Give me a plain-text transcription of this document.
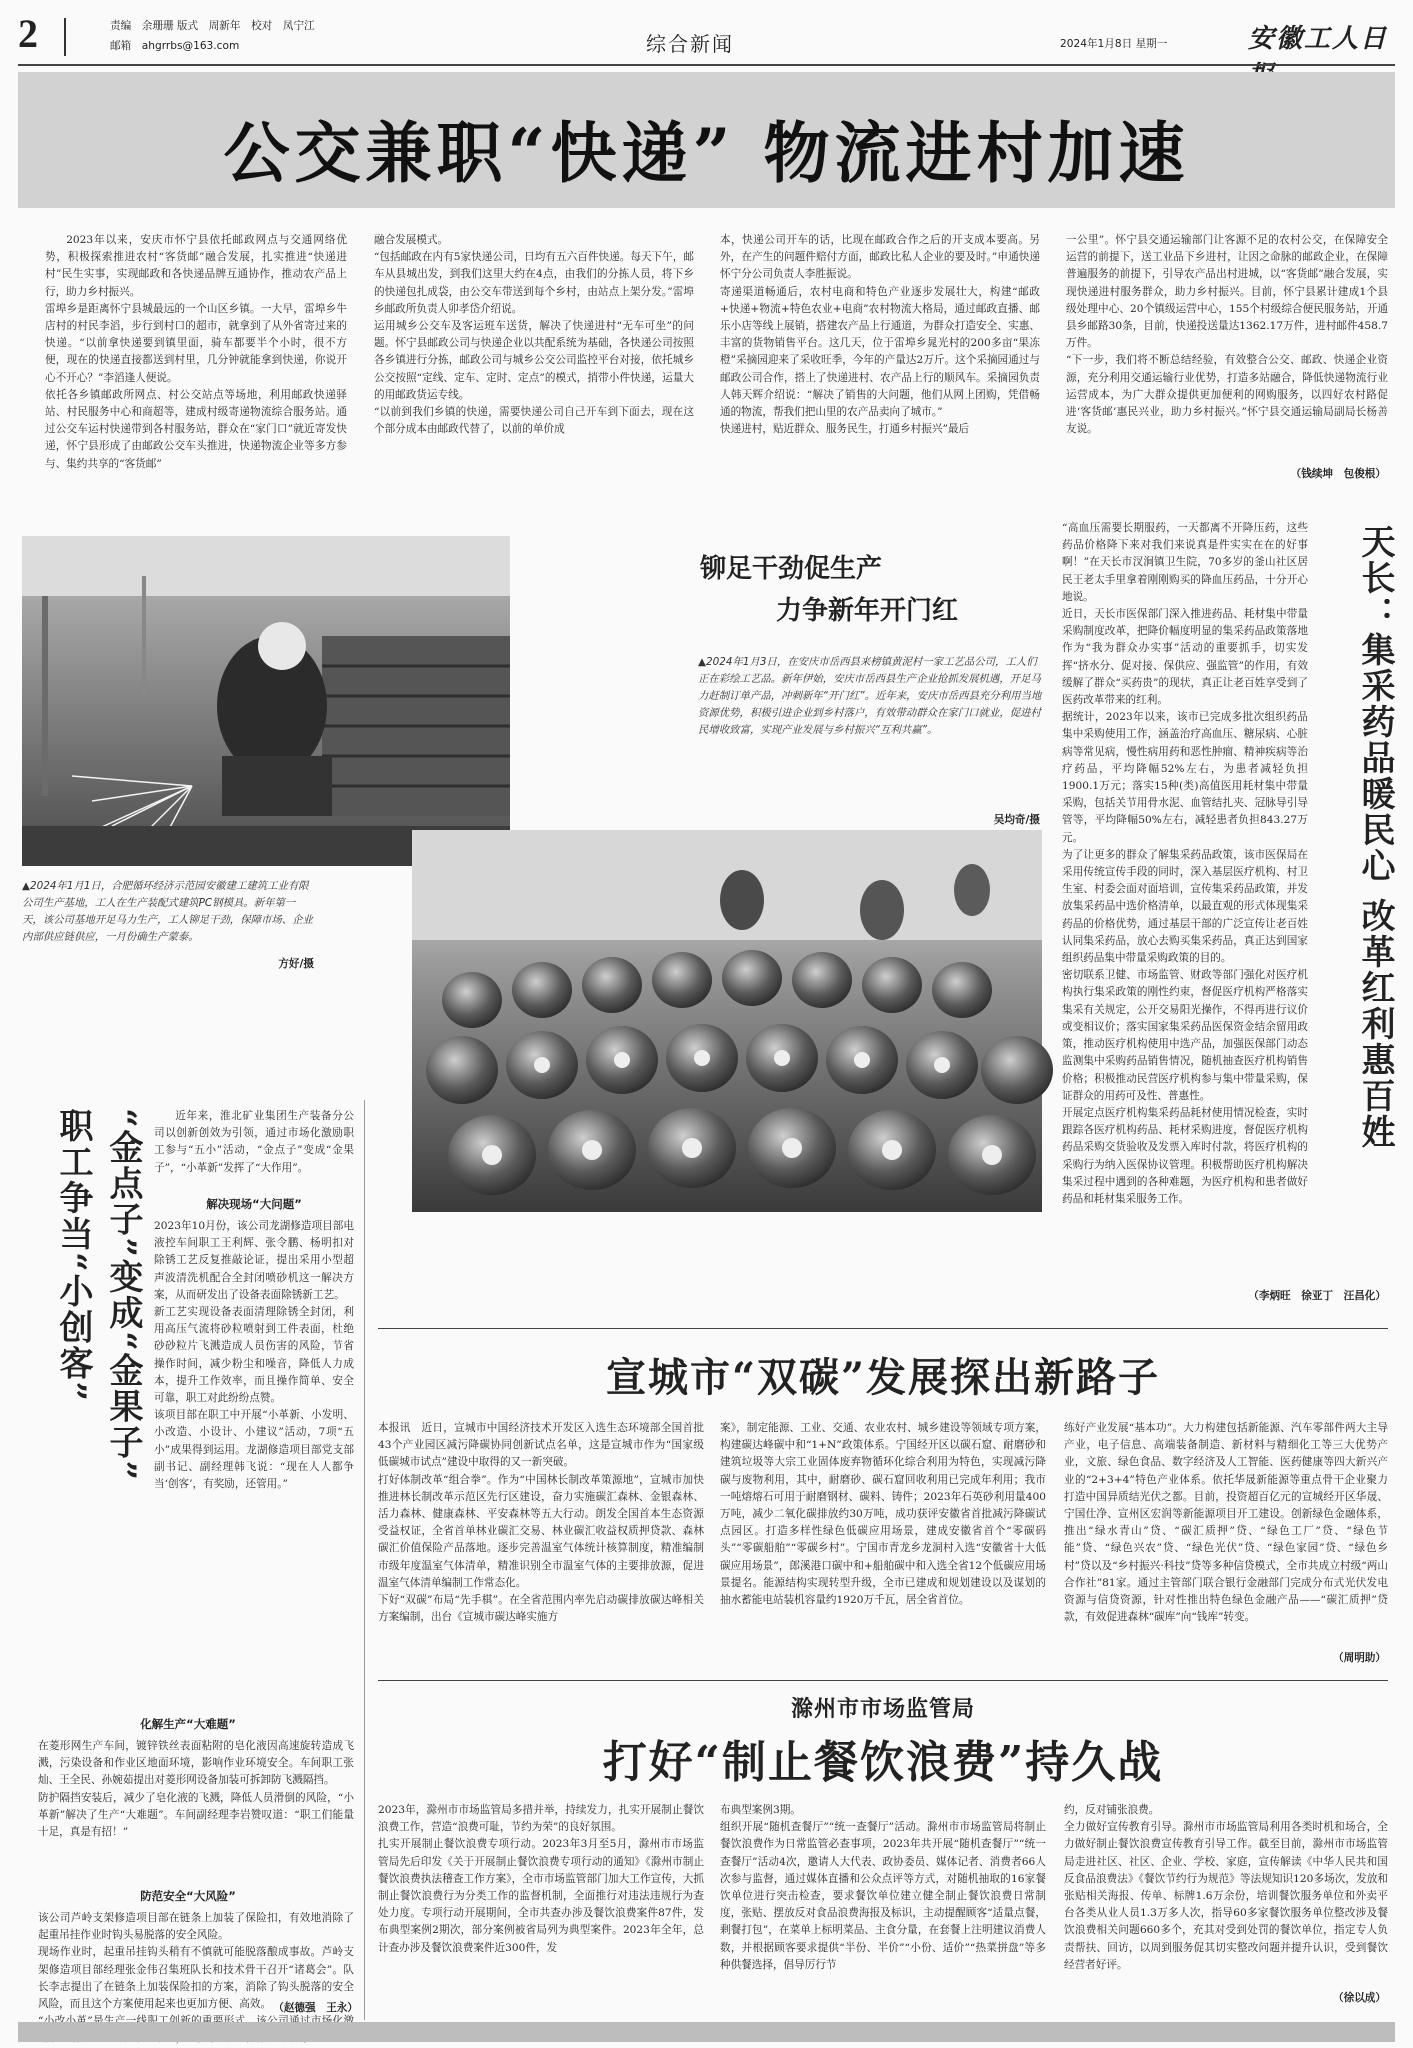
2	责编　余珊珊 版式　周新年　校对　凤宁江
邮箱　ahgrrbs@163.com	综合新闻	2024年1月8日 星期一	安徽工人日
公交兼职“快递” 物流进村加速
2023年以来，安庆市怀宁县依托邮政网点与交通网络优势，积极探索推进农村“客货邮”融合发展，扎实推进“快递进村”民生实事，实现邮政和各快递品牌互通协作，推动农产品上行，助力乡村振兴。
雷埠乡是距离怀宁县城最远的一个山区乡镇。一大早，雷埠乡牛店村的村民李滔，步行到村口的超市，就拿到了从外省寄过来的快递。“以前拿快递要到镇里面，骑车都要半个小时，很不方便，现在的快递直接都送到村里，几分钟就能拿到快递，你说开心不开心？”李滔逢人便说。
依托各乡镇邮政所网点、村公交站点等场地，利用邮政快递驿站、村民服务中心和商超等，建成村级寄递物流综合服务站。通过公交车运村快递带到各村服务站，群众在“家门口”就近寄发快递，怀宁县形成了由邮政公交车头推进，快递物流企业等多方参与、集约共享的“客货邮”
融合发展模式。
“包括邮政在内有5家快递公司，日均有五六百件快递。每天下午，邮车从县城出发，到我们这里大约在4点，由我们的分拣人员，将下乡的快递包扎成袋，由公交车带送到每个乡村，由站点上架分发。”雷埠乡邮政所负责人卯孝岱介绍说。
运用城乡公交车及客运班车送货，解决了快递进村“无车可坐”的问题。怀宁县邮政公司与快递企业以共配系统为基础，各快递公司按照各乡镇进行分拣，邮政公司与城乡公交公司监控平台对接，依托城乡公交按照“定线、定车、定时、定点”的模式，捎带小件快递，运量大的用邮政货运专线。
“以前到我们乡镇的快递，需要快递公司自己开车到下面去，现在这个部分成本由邮政代替了，以前的单价成
本，快递公司开车的话，比现在邮政合作之后的开支成本要高。另外，在产生的问题件赔付方面，邮政比私人企业的要及时。”申通快递怀宁分公司负责人李胜振说。
寄递渠道畅通后，农村电商和特色产业逐步发展壮大，构建“邮政+快递+物流+特色农业+电商”农村物流大格局，通过邮政直播、邮乐小店等线上展销，搭建农产品上行通道，为群众打造安全、实惠、丰富的货物销售平台。这几天，位于雷埠乡晁光村的200多亩“果冻橙”采摘园迎来了采收旺季，今年的产量达2万斤。这个采摘园通过与邮政公司合作，搭上了快递进村、农产品上行的顺风车。采摘园负责人韩天辉介绍说：“解决了销售的大问题，他们从网上团购，凭借畅通的物流，帮我们把山里的农产品卖向了城市。”
快递进村，贴近群众、服务民生，打通乡村振兴”最后
一公里”。怀宁县交通运输部门让客源不足的农村公交，在保障安全运营的前提下，送工业品下乡进村，让因之命脉的邮政企业，在保障普遍服务的前提下，引导农产品出村进城，以“客货邮”融合发展，实现快递进村服务群众，助力乡村振兴。目前，怀宁县累计建成1个县级处理中心、20个镇级运营中心，155个村级综合便民服务站，开通县乡邮路30条，目前，快递投送量达1362.17万件，进村邮件458.7万件。
“下一步，我们将不断总结经验，有效整合公交、邮政、快递企业资源，充分利用交通运输行业优势，打造多站融合，降低快递物流行业运营成本，为广大群众提供更加便利的网购服务，以四好农村路促进‘客货邮’惠民兴业，助力乡村振兴。”怀宁县交通运输局副局长杨善友说。
（钱续坤　包俊根）
铆足干劲促生产
力争新年开门红
▲2024年1月3日，在安庆市岳西县来榜镇黄泥村一家工艺品公司，工人们正在彩绘工艺品。新年伊始，安庆市岳西县生产企业抢抓发展机遇，开足马力赶制订单产品，冲刺新年“开门红”。近年来，安庆市岳西县充分利用当地资源优势，积极引进企业到乡村落户，有效带动群众在家门口就业，促进村民增收致富，实现产业发展与乡村振兴“互利共赢”。
吴均奇/摄
▲2024年1月1日，合肥循环经济示范园安徽建工建筑工业有限公司生产基地，工人在生产装配式建筑PC钢模具。新年第一天，该公司基地开足马力生产，工人铆足干劲，保障市场、企业内部供应链供应，一月份确生产蒙泰。
方好/摄
“高血压需要长期服药，一天都离不开降压药，这些药品价格降下来对我们来说真是件实实在在的好事啊！”在天长市汊涧镇卫生院，70多岁的釜山社区居民王老太手里拿着刚刚购买的降血压药品，十分开心地说。
近日，天长市医保部门深入推进药品、耗材集中带量采购制度改革，把降价幅度明显的集采药品政策落地作为“我为群众办实事”活动的重要抓手，切实发挥“挤水分、促对接、保供应、强监管”的作用，有效缓解了群众“买药贵”的现状，真正让老百姓享受到了医药改革带来的红利。
据统计，2023年以来，该市已完成多批次组织药品集中采购使用工作，涵盖治疗高血压、糖尿病、心脏病等常见病，慢性病用药和恶性肿瘤、精神疾病等治疗药品，平均降幅52%左右，为患者减轻负担1900.1万元；落实15种(类)高值医用耗材集中带量采购，包括关节用骨水泥、血管结扎夹、冠脉导引导管等，平均降幅50%左右，减轻患者负担843.27万元。
为了让更多的群众了解集采药品政策，该市医保局在采用传统宣传手段的同时，深入基层医疗机构、村卫生室、村委会面对面培训，宣传集采药品政策，并发放集采药品中选价格清单，以最直观的形式体现集采药品的价格优势，通过基层干部的广泛宣传让老百姓认同集采药品，放心去购买集采药品，真正达到国家组织药品集中带量采购政策的目的。
密切联系卫健、市场监管、财政等部门强化对医疗机构执行集采政策的刚性约束，督促医疗机构严格落实集采有关规定，公开交易阳光操作，不得再进行议价或变相议价；落实国家集采药品医保资金结余留用政策，推动医疗机构使用中选产品，加强医保部门动态监测集中采购药品销售情况，随机抽查医疗机构销售价格；积极推动民营医疗机构参与集中带量采购，保证群众的用药可及性、普惠性。
开展定点医疗机构集采药品耗材使用情况检查，实时跟踪各医疗机构药品、耗材采购进度，督促医疗机构药品采购交货验收及发票入库时付款，将医疗机构的采购行为纳入医保协议管理。积极帮助医疗机构解决集采过程中遇到的各种难题，为医疗机构和患者做好药品和耗材集采服务工作。
天长：集采药品暖民心 改革红利惠百姓
（李炳旺　徐亚丁　汪昌化）
“金点子”变成“金果子” 职工争当“小创客”	近年来，淮北矿业集团生产装备分公司以创新创效为引领，通过市场化激励职工参与“五小”活动，“金点子”变成“金果子”，“小革新”发挥了“大作用”。
解决现场“大问题”
2023年10月份，该公司龙湖修造项目部电液控车间职工王利辉、张令鹏、杨明扣对除锈工艺反复推敲论证，提出采用小型超声波清洗机配合全封闭喷砂机这一解决方案，从而研发出了设备表面除锈新工艺。
新工艺实现设备表面清理除锈全封闭，利用高压气流将砂粒喷射到工件表面，杜绝砂砂粒片飞溅造成人员伤害的风险，节省操作时间，减少粉尘和噪音，降低人力成本，提升工作效率，而且操作简单、安全可靠，职工对此纷纷点赞。
该项目部在职工中开展“小革新、小发明、小改造、小设计、小建议”活动，7项“五小”成果得到运用。龙湖修造项目部党支部副书记、副经理韩飞说：“现在人人都争当‘创客’，有奖励，还管用。”
化解生产“大难题”
在菱形网生产车间，镀锌铁丝表面粘附的皂化液因高速旋转造成飞溅，污染设备和作业区地面环境，影响作业环境安全。车间职工张灿、王全民、孙婉茹提出对菱形网设备加装可拆卸防飞溅隔挡。
防护隔挡安装后，减少了皂化液的飞溅，降低人员滑倒的风险，“小革新”解决了生产“大难题”。车间副经理李岩赞叹道：“职工们能量十足，真是有招！”
防范安全“大风险”
该公司芦岭支架修造项目部在链条上加装了保险扣，有效地消除了起重吊挂作业时钩头易脱落的安全风险。
现场作业时，起重吊挂钩头稍有不慎就可能脱落酿成事故。芦岭支架修造项目部经理张金伟召集班队长和技术骨干召开“诸葛会”。队长李志提出了在链条上加装保险扣的方案，消除了钩头脱落的安全风险，而且这个方案使用起来也更加方便、高效。 （赵德强　王永）
宣城市“双碳”发展探出新路子
本报讯　近日，宣城市中国经济技术开发区入选生态环境部全国首批43个产业园区减污降碳协同创新试点名单，这是宣城市作为“国家级低碳城市试点”建设中取得的又一新突破。
打好体制改革“组合拳”。作为“中国林长制改革策源地”，宣城市加快推进林长制改革示范区先行区建设，奋力实施碳汇森林、金银森林、活力森林、健康森林、平安森林等五大行动。朗发全国首本生态资源受益权证，全省首单林业碳汇交易、林业碳汇收益权质押贷款、森林碳汇价值保险产品落地。逐步完善温室气体统计核算制度，精准编制市级年度温室气体清单，精准识别全市温室气体的主要排放源，促进温室气体清单编制工作常态化。
下好“双碳”布局“先手棋”。在全省范围内率先启动碳排放碳达峰相关方案编制，出台《宣城市碳达峰实施方
案》，制定能源、工业、交通、农业农村、城乡建设等领域专项方案，构建碳达峰碳中和“1+N”政策体系。宁国经开区以碳石窟、耐磨砂和建筑垃圾等大宗工业固体废弃物循环化综合利用为特色，实现减污降碳与废物利用，其中，耐磨砂、碳石窟回收利用已完成年利用；我市一吨熔熔石可用于耐磨钢材、碳料、铸件；2023年石英砂利用量400万吨，减少二氧化碳排放约30万吨，成功获评安徽省首批减污降碳试点园区。打造多样性绿色低碳应用场景，建成安徽省首个“零碳码头”“零碳船舶”“零碳乡村”。宁国市青龙乡龙洞村入选“安徽省十大低碳应用场景”，郎溪港口碳中和+船舶碳中和入选全省12个低碳应用场景提名。能源结构实现转型升级，全市已建成和规划建设以及谋划的抽水蓄能电站装机容量约1920万千瓦，居全省首位。
练好产业发展“基本功”。大力构建包括新能源、汽车零部件两大主导产业，电子信息、高端装备制造、新材料与精细化工等三大优势产业，文旅、绿色食品、数字经济及人工智能、医药健康等四大新兴产业的“2+3+4”特色产业体系。依托华晟新能源等重点骨干企业聚力打造中国异质结光伏之都。目前，投资超百亿元的宣城经开区华晟、宁国仕净、宣州区宏润等新能源项目开工建设。创新绿色金融体系，推出“绿水青山”贷、“碳汇质押”贷、“绿色工厂”贷、“绿色节能”贷、“绿色兴农”贷、“绿色光伏”贷、“绿色家园”贷、“绿色乡村”贷以及“乡村振兴·科技”贷等多种信贷模式，全市共成立村级“两山合作社”81家。通过主管部门联合银行金融部门完成分布式光伏发电资源与信贷资源，针对性推出特色绿色金融产品——“碳汇质押”贷款，有效促进森林“碳库”向“钱库”转变。
（周明助）
滁州市市场监管局
打好“制止餐饮浪费”持久战
2023年，滁州市市场监管局多措并举，持续发力，扎实开展制止餐饮浪费工作，营造“浪费可耻，节约为荣”的良好氛围。
扎实开展制止餐饮浪费专项行动。2023年3月至5月，滁州市市场监管局先后印发《关于开展制止餐饮浪费专项行动的通知》《滁州市制止餐饮浪费执法稽查工作方案》，全市市场监管部门加大工作宣传，大抓制止餐饮浪费行为分类工作的监督机制，全面推行对违法违规行为查处力度。专项行动开展期间，全市共查办涉及餐饮浪费案件87件，发布典型案例2期次，部分案例被省局列为典型案件。2023年全年，总计查办涉及餐饮浪费案件近300件，发
布典型案例3期。
组织开展“随机查餐厅”“统一查餐厅”活动。滁州市市场监管局将制止餐饮浪费作为日常监管必查事项，2023年共开展“随机查餐厅”“统一查餐厅”活动4次，邀请人大代表、政协委员、媒体记者、消费者66人次参与监督，通过媒体直播和公众点评等方式，对随机抽取的16家餐饮单位进行突击检查，要求餐饮单位建立健全制止餐饮浪费日常制度，张贴、摆放反对食品浪费海报及标识，主动提醒顾客“适量点餐，剩餐打包”，在菜单上标明菜品、主食分量，在套餐上注明建议消费人数，并根据顾客要求提供“半份、半价”“小份、适价”“热菜拼盘”等多种供餐选择，倡导厉行节
约，反对铺张浪费。
全力做好宣传教育引导。滁州市市场监管局利用各类时机和场合，全力做好制止餐饮浪费宣传教育引导工作。截至目前，滁州市市场监管局走进社区、社区、企业、学校、家庭，宣传解读《中华人民共和国反食品浪费法》《餐饮节约行为规范》等法规知识120多场次，发放和张贴相关海报、传单、标牌1.6万余份，培训餐饮服务单位和外卖平台各类从业人员1.3万多人次，指导60多家餐饮服务单位整改涉及餐饮浪费相关问题660多个，充其对受到处罚的餐饮单位，指定专人负责帮扶、回访，以周到服务促其切实整改问题并提升认识，受到餐饮经营者好评。
（徐以成）
